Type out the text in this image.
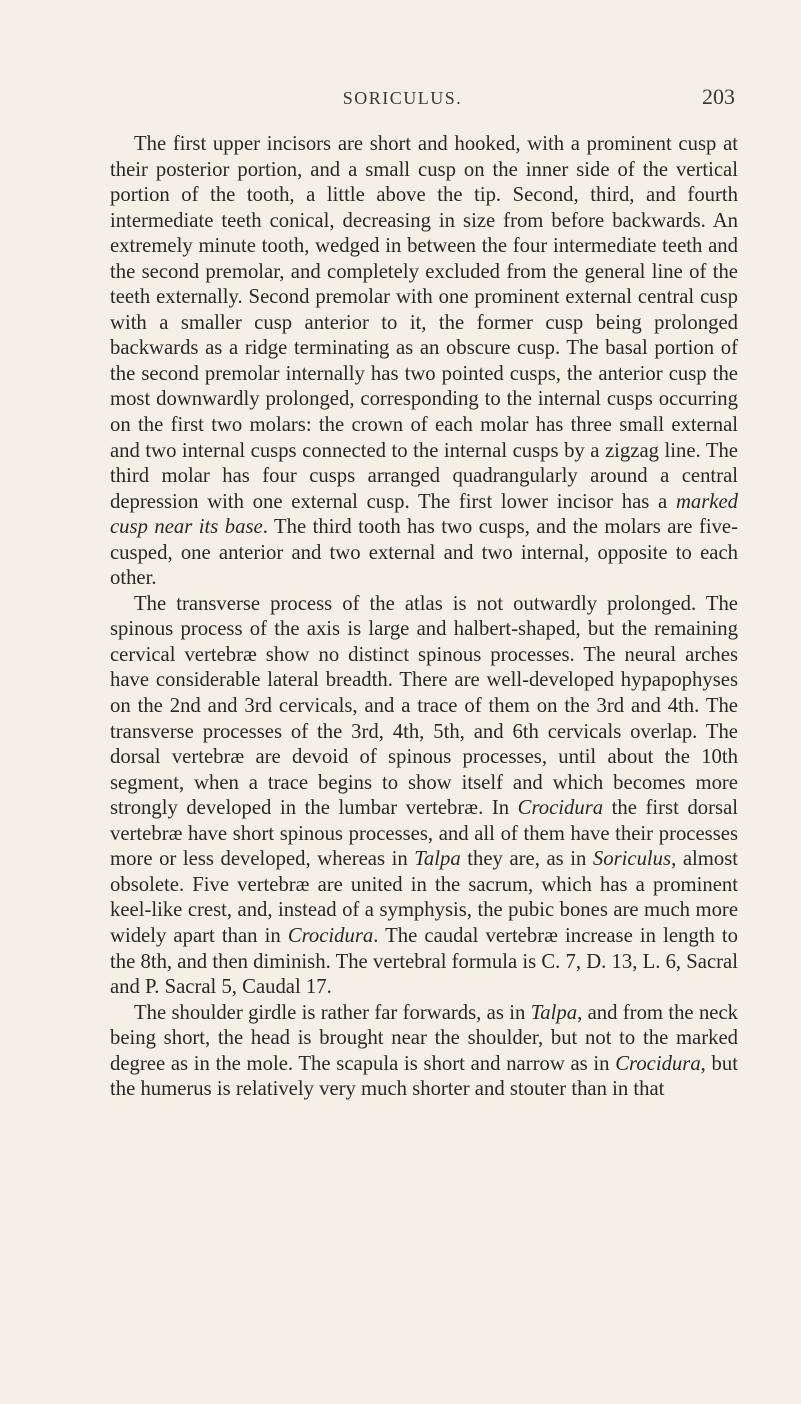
SORICULUS.	203

The first upper incisors are short and hooked, with a prominent cusp at their posterior portion, and a small cusp on the inner side of the vertical portion of the tooth, a little above the tip. Second, third, and fourth intermediate teeth conical, decreasing in size from before backwards. An extremely minute tooth, wedged in between the four intermediate teeth and the second premolar, and completely excluded from the general line of the teeth externally. Second premolar with one prominent external central cusp with a smaller cusp anterior to it, the former cusp being prolonged backwards as a ridge terminating as an obscure cusp. The basal portion of the second premolar internally has two pointed cusps, the anterior cusp the most downwardly prolonged, corresponding to the internal cusps occurring on the first two molars: the crown of each molar has three small external and two internal cusps connected to the internal cusps by a zigzag line. The third molar has four cusps arranged quadrangularly around a central depression with one external cusp. The first lower incisor has a marked cusp near its base. The third tooth has two cusps, and the molars are five-cusped, one anterior and two external and two internal, opposite to each other.

The transverse process of the atlas is not outwardly prolonged. The spinous process of the axis is large and halbert-shaped, but the remaining cervical vertebræ show no distinct spinous processes. The neural arches have considerable lateral breadth. There are well-developed hypapophyses on the 2nd and 3rd cervicals, and a trace of them on the 3rd and 4th. The transverse processes of the 3rd, 4th, 5th, and 6th cervicals overlap. The dorsal vertebræ are devoid of spinous processes, until about the 10th segment, when a trace begins to show itself and which becomes more strongly developed in the lumbar vertebræ. In Crocidura the first dorsal vertebræ have short spinous processes, and all of them have their processes more or less developed, whereas in Talpa they are, as in Soriculus, almost obsolete. Five vertebræ are united in the sacrum, which has a prominent keel-like crest, and, instead of a symphysis, the pubic bones are much more widely apart than in Crocidura. The caudal vertebræ increase in length to the 8th, and then diminish. The vertebral formula is C. 7, D. 13, L. 6, Sacral and P. Sacral 5, Caudal 17.

The shoulder girdle is rather far forwards, as in Talpa, and from the neck being short, the head is brought near the shoulder, but not to the marked degree as in the mole. The scapula is short and narrow as in Crocidura, but the humerus is relatively very much shorter and stouter than in that
